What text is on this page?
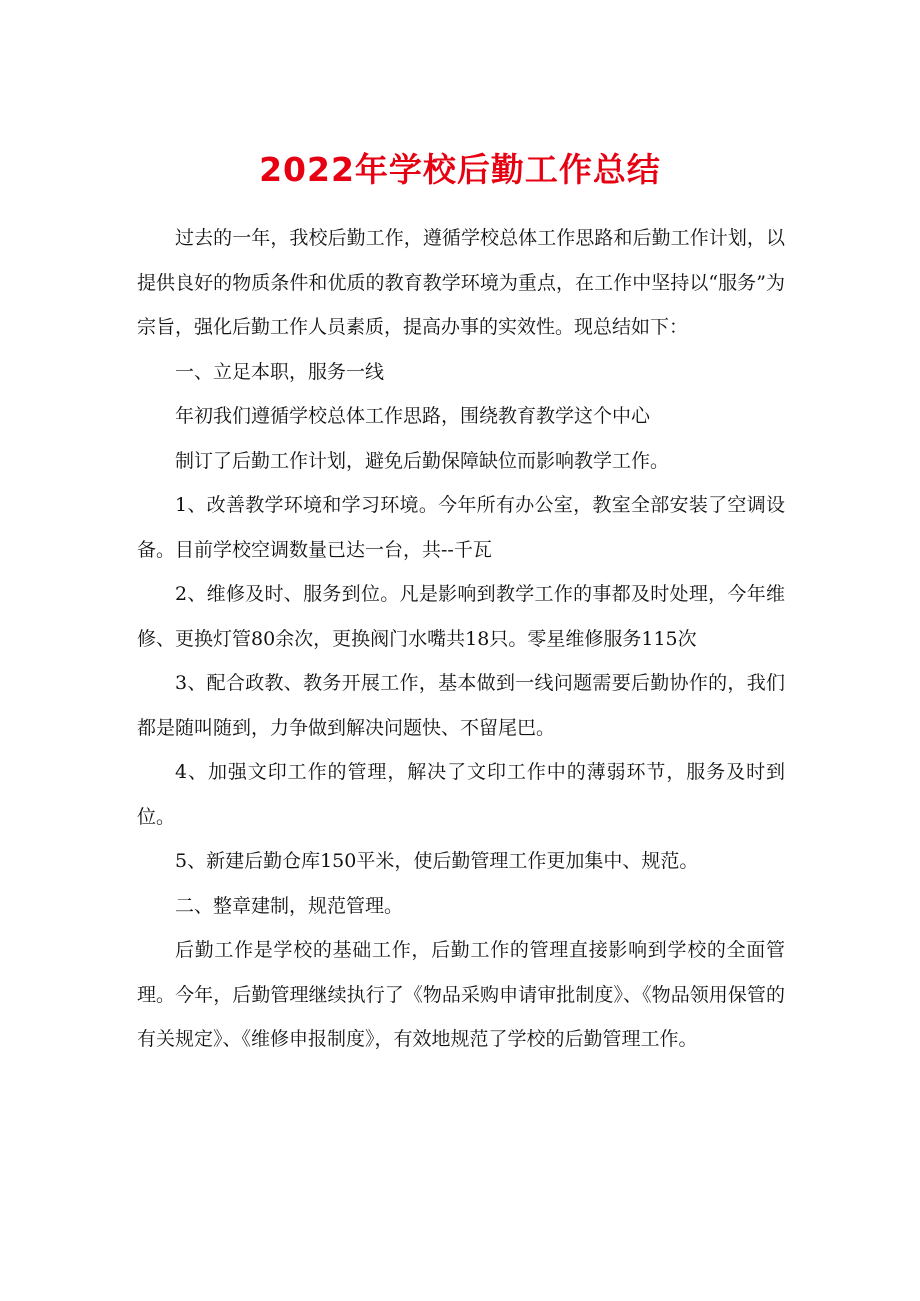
2022年学校后勤工作总结

过去的一年，我校后勤工作，遵循学校总体工作思路和后勤工作计划，以提供良好的物质条件和优质的教育教学环境为重点，在工作中坚持以“服务”为宗旨，强化后勤工作人员素质，提高办事的实效性。现总结如下：

一、立足本职，服务一线

年初我们遵循学校总体工作思路，围绕教育教学这个中心

制订了后勤工作计划，避免后勤保障缺位而影响教学工作。

1、改善教学环境和学习环境。今年所有办公室，教室全部安装了空调设备。目前学校空调数量已达一台，共--千瓦

2、维修及时、服务到位。凡是影响到教学工作的事都及时处理，今年维修、更换灯管80余次，更换阀门水嘴共18只。零星维修服务115次

3、配合政教、教务开展工作，基本做到一线问题需要后勤协作的，我们都是随叫随到，力争做到解决问题快、不留尾巴。

4、加强文印工作的管理，解决了文印工作中的薄弱环节，服务及时到位。

5、新建后勤仓库150平米，使后勤管理工作更加集中、规范。

二、整章建制，规范管理。

后勤工作是学校的基础工作，后勤工作的管理直接影响到学校的全面管理。今年，后勤管理继续执行了《物品采购申请审批制度》、《物品领用保管的有关规定》、《维修申报制度》，有效地规范了学校的后勤管理工作。
